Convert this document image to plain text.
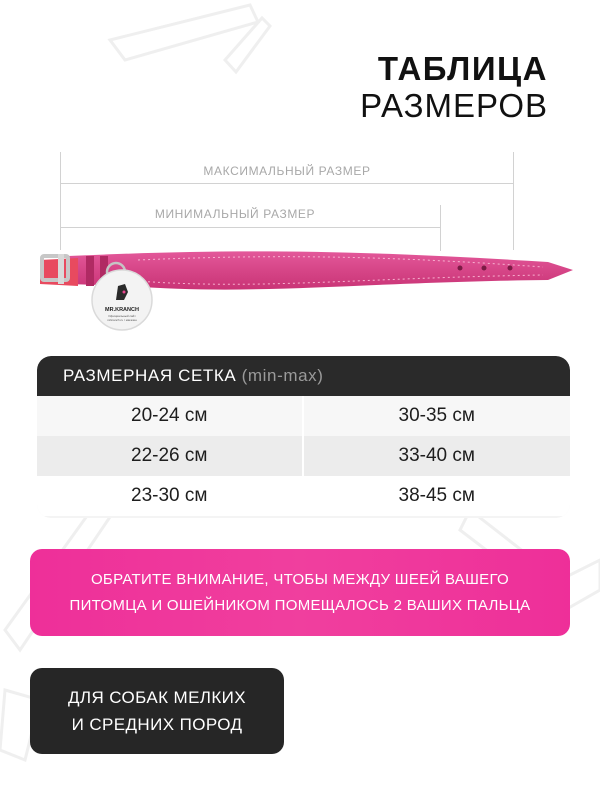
ТАБЛИЦА
РАЗМЕРОВ
МАКСИМАЛЬНЫЙ РАЗМЕР
МИНИМАЛЬНЫЙ РАЗМЕР
MR.KRANCH
Официальный сайт
mrkranch.ru / магазин
РАЗМЕРНАЯ СЕТКА (min-max)
20-24 см	30-35 см
22-26 см	33-40 см
23-30 см	38-45 см
ОБРАТИТЕ ВНИМАНИЕ, ЧТОБЫ МЕЖДУ ШЕЕЙ ВАШЕГО
ПИТОМЦА И ОШЕЙНИКОМ ПОМЕЩАЛОСЬ 2 ВАШИХ ПАЛЬЦА
ДЛЯ СОБАК МЕЛКИХ
И СРЕДНИХ ПОРОД
